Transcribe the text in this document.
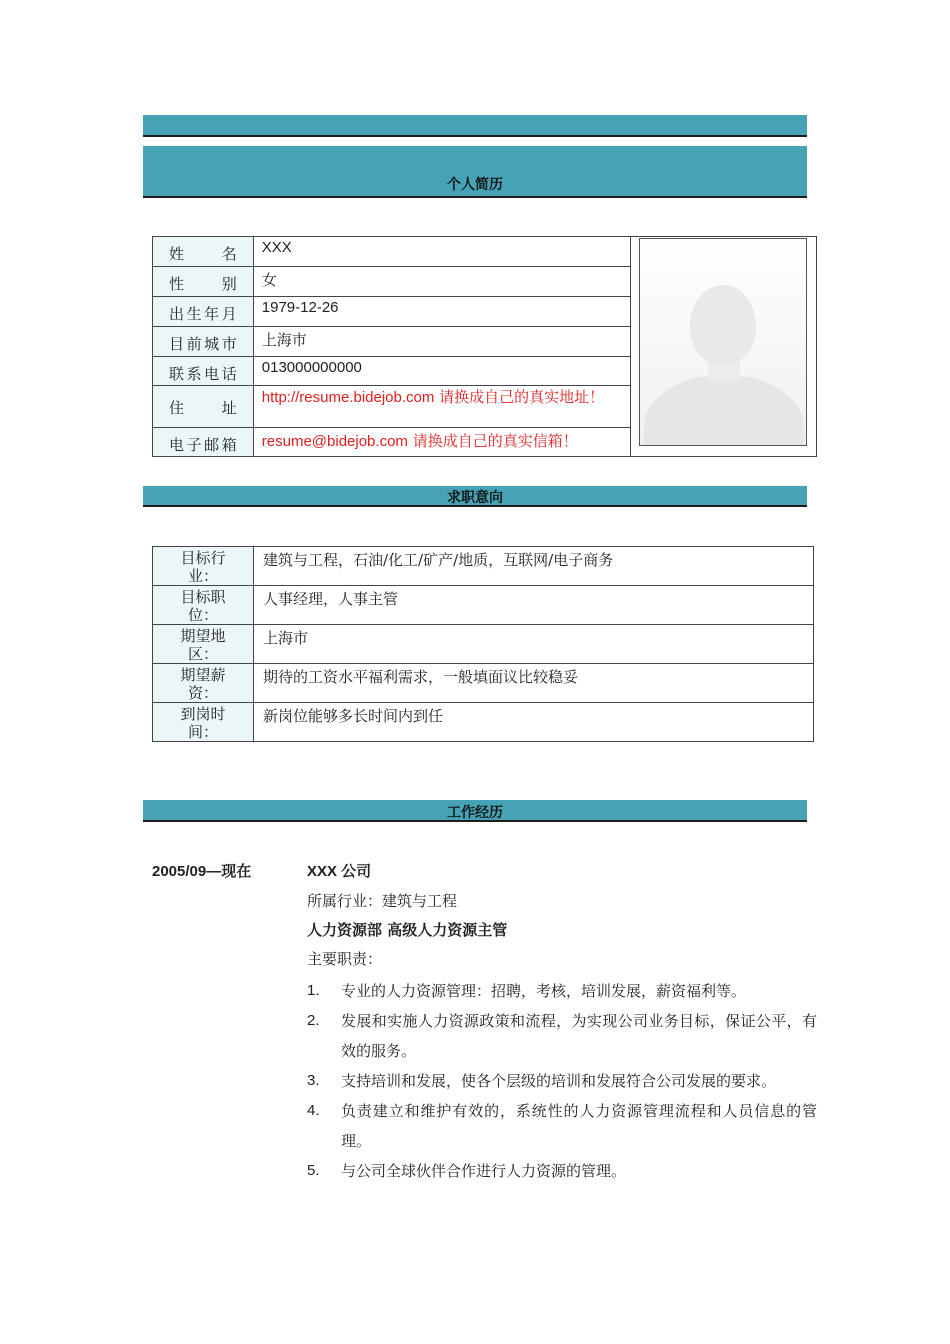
个人简历
姓名	XXX	

性别	女	
出生年月	1979-12-26	
目前城市	上海市	
联系电话	013000000000	
住址	http://resume.bidejob.com 请换成自己的真实地址！	
电子邮箱	resume@bidejob.com 请换成自己的真实信箱！	
求职意向
目标行业：	建筑与工程，石油/化工/矿产/地质，互联网/电子商务
目标职位：	人事经理，人事主管
期望地区：	上海市
期望薪资：	期待的工资水平福利需求，一般填面议比较稳妥
到岗时间：	新岗位能够多长时间内到任
工作经历
2005/09—现在	XXX 公司
所属行业：建筑与工程
人力资源部 高级人力资源主管
主要职责：
1. 专业的人力资源管理：招聘，考核，培训发展，薪资福利等。
2. 发展和实施人力资源政策和流程，为实现公司业务目标，保证公平，有效的服务。
3. 支持培训和发展，使各个层级的培训和发展符合公司发展的要求。
4. 负责建立和维护有效的，系统性的人力资源管理流程和人员信息的管理。
5. 与公司全球伙伴合作进行人力资源的管理。
